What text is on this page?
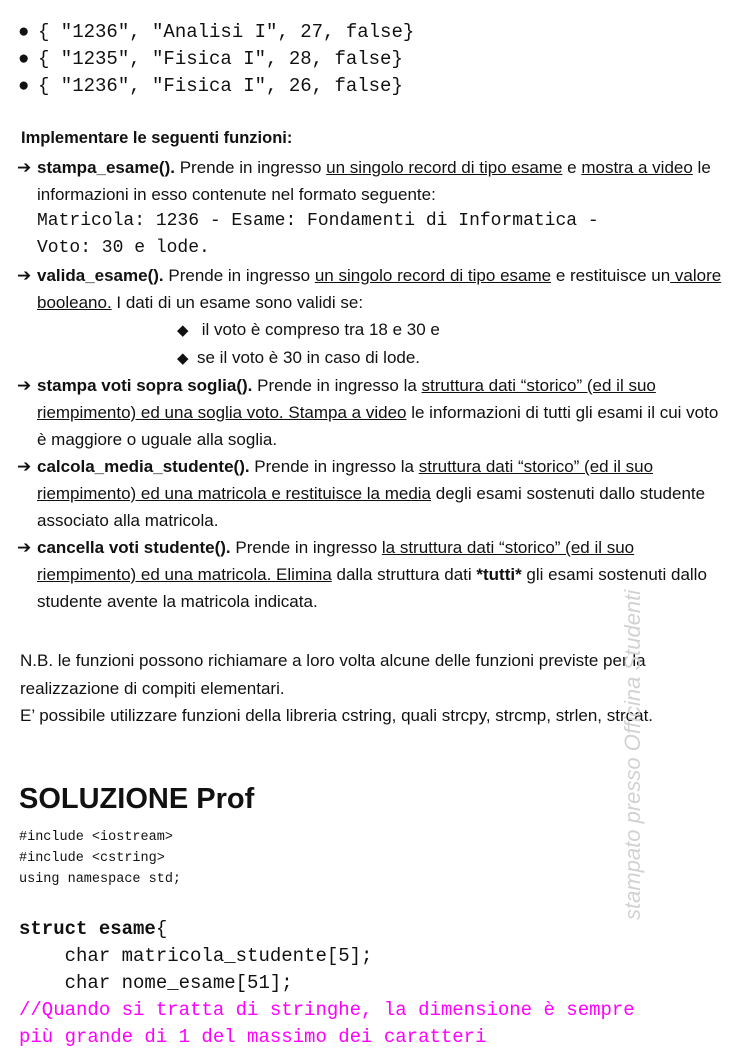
● { "1236", "Analisi I", 27, false}
● { "1235", "Fisica I", 28, false}
● { "1236", "Fisica I", 26, false}
Implementare le seguenti funzioni:
➔ stampa_esame(). Prende in ingresso un singolo record di tipo esame e mostra a video le informazioni in esso contenute nel formato seguente:
Matricola: 1236 - Esame: Fondamenti di Informatica -
Voto: 30 e lode.
➔ valida_esame(). Prende in ingresso un singolo record di tipo esame e restituisce un valore booleano. I dati di un esame sono validi se:
◆ il voto è compreso tra 18 e 30 e
◆ se il voto è 30 in caso di lode.
➔ stampa voti sopra soglia(). Prende in ingresso la struttura dati “storico” (ed il suo riempimento) ed una soglia voto. Stampa a video le informazioni di tutti gli esami il cui voto è maggiore o uguale alla soglia.
➔ calcola_media_studente(). Prende in ingresso la struttura dati “storico” (ed il suo riempimento) ed una matricola e restituisce la media degli esami sostenuti dallo studente associato alla matricola.
➔ cancella voti studente(). Prende in ingresso la struttura dati “storico” (ed il suo riempimento) ed una matricola. Elimina dalla struttura dati *tutti* gli esami sostenuti dallo studente avente la matricola indicata.
N.B. le funzioni possono richiamare a loro volta alcune delle funzioni previste per la realizzazione di compiti elementari.
E’ possibile utilizzare funzioni della libreria cstring, quali strcpy, strcmp, strlen, strcat.
SOLUZIONE Prof
#include <iostream>
#include <cstring>
using namespace std;
struct esame{
char matricola_studente[5];
char nome_esame[51];
//Quando si tratta di stringhe, la dimensione è sempre
più grande di 1 del massimo dei caratteri
stampato presso Officina Studenti
